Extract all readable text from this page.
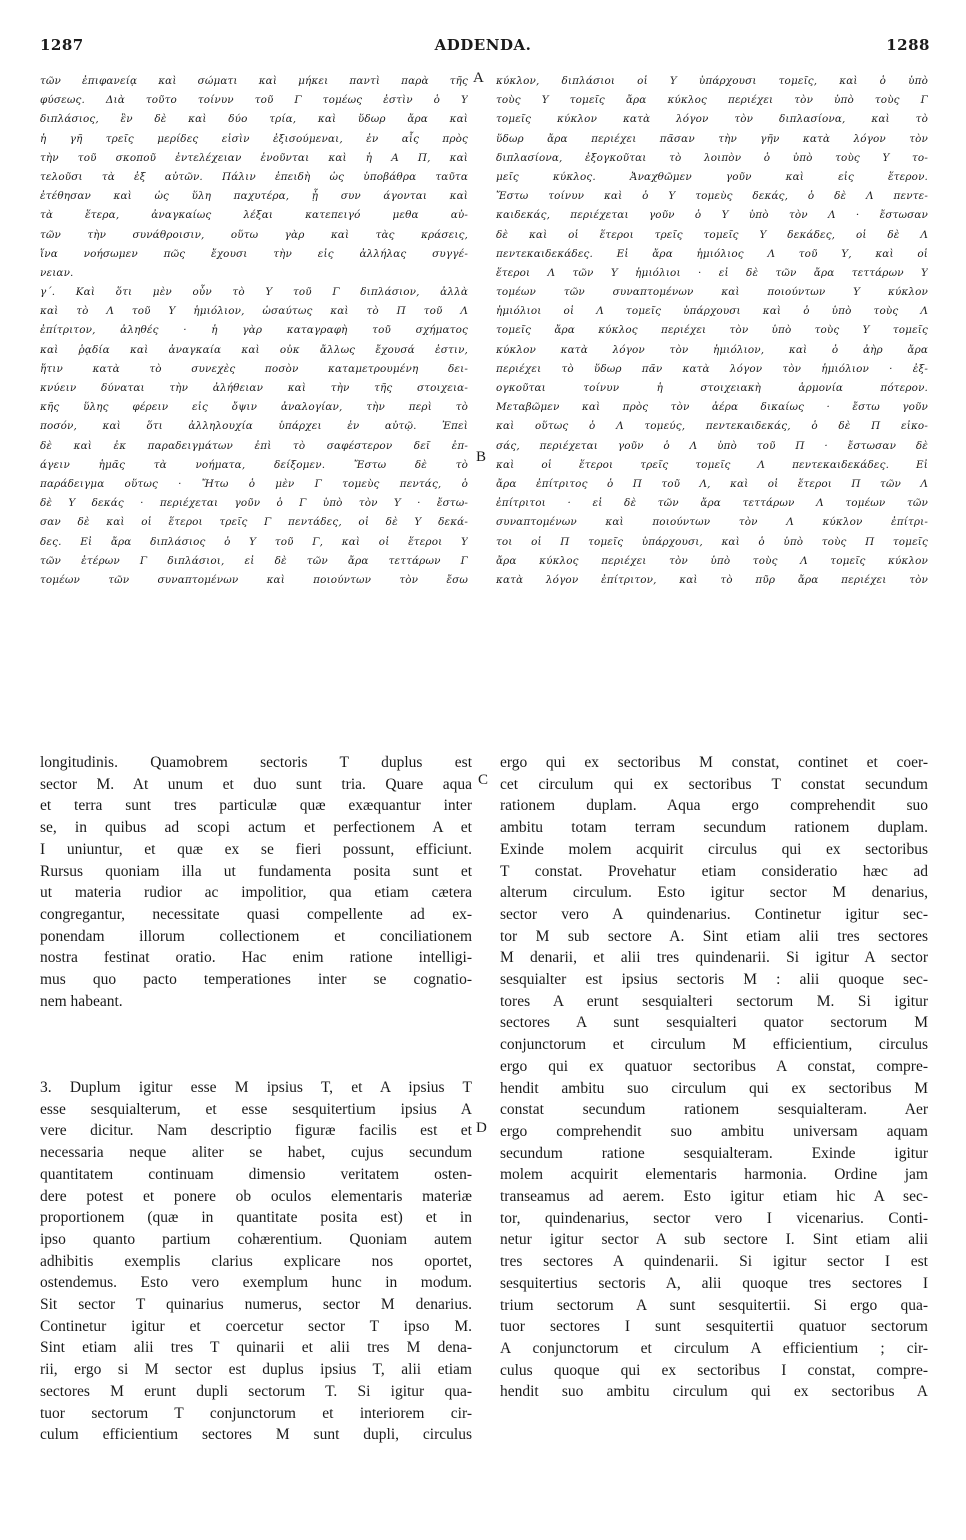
1287	ADDENDA.	1288
τῶν ἐπιφανείᾳ καὶ σώματι καὶ μήκει παντὶ παρὰ τῆς
φύσεως. Διὰ τοῦτο τοίνυν τοῦ Γ τομέως ἐστὶν ὁ Υ
διπλάσιος, ἓν δὲ καὶ δύο τρία, καὶ ὕδωρ ἄρα καὶ
ἡ γῆ τρεῖς μερίδες εἰσὶν ἐξισούμεναι, ἐν αἷς πρὸς
τὴν τοῦ σκοποῦ ἐντελέχειαν ἑνοῦνται καὶ ἡ Α Π, καὶ
τελοῦσι τὰ ἐξ αὐτῶν. Πάλιν ἐπειδὴ ὡς ὑποβάθρα ταῦτα
ἐτέθησαν καὶ ὡς ὕλη παχυτέρα, ᾗ συν άγονται καὶ
τὰ ἕτερα, ἀναγκαίως λέξαι κατεπειγό μεθα αὐ-
τῶν τὴν συνάθροισιν, οὕτω γὰρ καὶ τὰς κράσεις,
ἵνα νοήσωμεν πῶς ἔχουσι τὴν εἰς ἀλλήλας συγγέ-
νειαν.
γ΄. Καὶ ὅτι μὲν οὖν τὸ Υ τοῦ Γ διπλάσιον, ἀλλὰ
καὶ τὸ Λ τοῦ Υ ἡμιόλιον, ὡσαύτως καὶ τὸ Π τοῦ Λ
ἐπίτριτον, ἀληθές · ἡ γὰρ καταγραφὴ τοῦ σχήματος
καὶ ῥᾳδία καὶ ἀναγκαία καὶ οὐκ ἄλλως ἔχουσά ἐστιν,
ἥτιν κατὰ τὸ συνεχὲς ποσὸν καταμετρουμένη δει-
κνύειν δύναται τὴν ἀλήθειαν καὶ τὴν τῆς στοιχεια-
κῆς ὕλης φέρειν εἰς ὄψιν ἀναλογίαν, τὴν περὶ τὸ
ποσόν, καὶ ὅτι ἀλληλουχία ὑπάρχει ἐν αὐτῷ. Ἐπεὶ
δὲ καὶ ἐκ παραδειγμάτων ἐπὶ τὸ σαφέστερον δεῖ ἐπ-
άγειν ἡμᾶς τὰ νοήματα, δείξομεν. Ἔστω δὲ τὸ
παράδειγμα οὕτως · Ἤτω ὁ μὲν Γ τομεὺς πεντάς, ὁ
δὲ Υ δεκάς · περιέχεται γοῦν ὁ Γ ὑπὸ τὸν Υ · ἔστω-
σαν δὲ καὶ οἱ ἕτεροι τρεῖς Γ πεντάδες, οἱ δὲ Υ δεκά-
δες. Εἰ ἄρα διπλάσιος ὁ Υ τοῦ Γ, καὶ οἱ ἕτεροι Υ
τῶν ἑτέρων Γ διπλάσιοι, εἰ δὲ τῶν ἄρα τεττάρων Γ
τομέων τῶν συναπτομένων καὶ ποιούντων τὸν ἔσω
κύκλον, διπλάσιοι οἱ Υ ὑπάρχουσι τομεῖς, καὶ ὁ ὑπὸ
τοὺς Υ τομεῖς ἄρα κύκλος περιέχει τὸν ὑπὸ τοὺς Γ
τομεῖς κύκλον κατὰ λόγον τὸν διπλασίονα, καὶ τὸ
ὕδωρ ἄρα περιέχει πᾶσαν τὴν γῆν κατὰ λόγον τὸν
διπλασίονα, ἐξογκοῦται τὸ λοιπὸν ὁ ὑπὸ τοὺς Υ το-
μεῖς κύκλος. Ἀναχθῶμεν γοῦν καὶ εἰς ἕτερον.
Ἔστω τοίνυν καὶ ὁ Υ τομεὺς δεκάς, ὁ δὲ Λ πεντε-
καιδεκάς, περιέχεται γοῦν ὁ Υ ὑπὸ τὸν Λ · ἔστωσαν
δὲ καὶ οἱ ἕτεροι τρεῖς τομεῖς Υ δεκάδες, οἱ δὲ Λ
πεντεκαιδεκάδες. Εἰ ἄρα ἡμιόλιος Λ τοῦ Υ, καὶ οἱ
ἕτεροι Λ τῶν Υ ἡμιόλιοι · εἰ δὲ τῶν ἄρα τεττάρων Υ
τομέων τῶν συναπτομένων καὶ ποιούντων Υ κύκλον
ἡμιόλιοι οἱ Λ τομεῖς ὑπάρχουσι καὶ ὁ ὑπὸ τοὺς Λ
τομεῖς ἄρα κύκλος περιέχει τὸν ὑπὸ τοὺς Υ τομεῖς
κύκλον κατὰ λόγον τὸν ἡμιόλιον, καὶ ὁ ἀὴρ ἄρα
περιέχει τὸ ὕδωρ πᾶν κατὰ λόγον τὸν ἡμιόλιον · ἐξ-
ογκοῦται τοίνυν ἡ στοιχειακὴ ἁρμονία πότερον.
Μεταβῶμεν καὶ πρὸς τὸν ἀέρα δικαίως · ἔστω γοῦν
καὶ οὕτως ὁ Λ τομεύς, πεντεκαιδεκάς, ὁ δὲ Π εἰκο-
σάς, περιέχεται γοῦν ὁ Λ ὑπὸ τοῦ Π · ἔστωσαν δὲ
καὶ οἱ ἕτεροι τρεῖς τομεῖς Λ πεντεκαιδεκάδες. Εἰ
ἄρα ἐπίτριτος ὁ Π τοῦ Λ, καὶ οἱ ἕτεροι Π τῶν Λ
ἐπίτριτοι · εἰ δὲ τῶν ἄρα τεττάρων Λ τομέων τῶν
συναπτομένων καὶ ποιούντων τὸν Λ κύκλον ἐπίτρι-
τοι οἱ Π τομεῖς ὑπάρχουσι, καὶ ὁ ὑπὸ τοὺς Π τομεῖς
ἄρα κύκλος περιέχει τὸν ὑπὸ τοὺς Λ τομεῖς κύκλον
κατὰ λόγον ἐπίτριτον, καὶ τὸ πῦρ ἄρα περιέχει τὸν
A
B
C
D
longitudinis. Quamobrem sectoris T duplus est
sector M. At unum et duo sunt tria. Quare aqua
et terra sunt tres particulæ quæ exæquantur inter
se, in quibus ad scopi actum et perfectionem A et
I uniuntur, et quæ ex se fieri possunt, efficiunt.
Rursus quoniam illa ut fundamenta posita sunt et
ut materia rudior ac impolitior, qua etiam cætera
congregantur, necessitate quasi compellente ad ex-
ponendam illorum collectionem et conciliationem
nostra festinat oratio. Hac enim ratione intelligi-
mus quo pacto temperationes inter se cognatio-
nem habeant.
3. Duplum igitur esse M ipsius T, et A ipsius T
esse sesquialterum, et esse sesquitertium ipsius A
vere dicitur. Nam descriptio figuræ facilis est et
necessaria neque aliter se habet, cujus secundum
quantitatem continuam dimensio veritatem osten-
dere potest et ponere ob oculos elementaris materiæ
proportionem (quæ in quantitate posita est) et in
ipso quanto partium cohærentium. Quoniam autem
adhibitis exemplis clarius explicare nos oportet,
ostendemus. Esto vero exemplum hunc in modum.
Sit sector T quinarius numerus, sector M denarius.
Continetur igitur et coercetur sector T ipso M.
Sint etiam alii tres T quinarii et alii tres M dena-
rii, ergo si M sector est duplus ipsius T, alii etiam
sectores M erunt dupli sectorum T. Si igitur qua-
tuor sectorum T conjunctorum et interiorem cir-
culum efficientium sectores M sunt dupli, circulus
ergo qui ex sectoribus M constat, continet et coer-
cet circulum qui ex sectoribus T constat secundum
rationem duplam. Aqua ergo comprehendit suo
ambitu totam terram secundum rationem duplam.
Exinde molem acquirit circulus qui ex sectoribus
T constat. Provehatur etiam consideratio hæc ad
alterum circulum. Esto igitur sector M denarius,
sector vero A quindenarius. Continetur igitur sec-
tor M sub sectore A. Sint etiam alii tres sectores
M denarii, et alii tres quindenarii. Si igitur A sector
sesquialter est ipsius sectoris M : alii quoque sec-
tores A erunt sesquialteri sectorum M. Si igitur
sectores A sunt sesquialteri quator sectorum M
conjunctorum et circulum M efficientium, circulus
ergo qui ex quatuor sectoribus A constat, compre-
hendit ambitu suo circulum qui ex sectoribus M
constat secundum rationem sesquialteram. Aer
ergo comprehendit suo ambitu universam aquam
secundum ratione sesquialteram. Exinde igitur
molem acquirit elementaris harmonia. Ordine jam
transeamus ad aerem. Esto igitur etiam hic A sec-
tor, quindenarius, sector vero I vicenarius. Conti-
netur igitur sector A sub sectore I. Sint etiam alii
tres sectores A quindenarii. Si igitur sector I est
sesquitertius sectoris A, alii quoque tres sectores I
trium sectorum A sunt sesquitertii. Si ergo qua-
tuor sectores I sunt sesquitertii quatuor sectorum
A conjunctorum et circulum A efficientium ; cir-
culus quoque qui ex sectoribus I constat, compre-
hendit suo ambitu circulum qui ex sectoribus A
